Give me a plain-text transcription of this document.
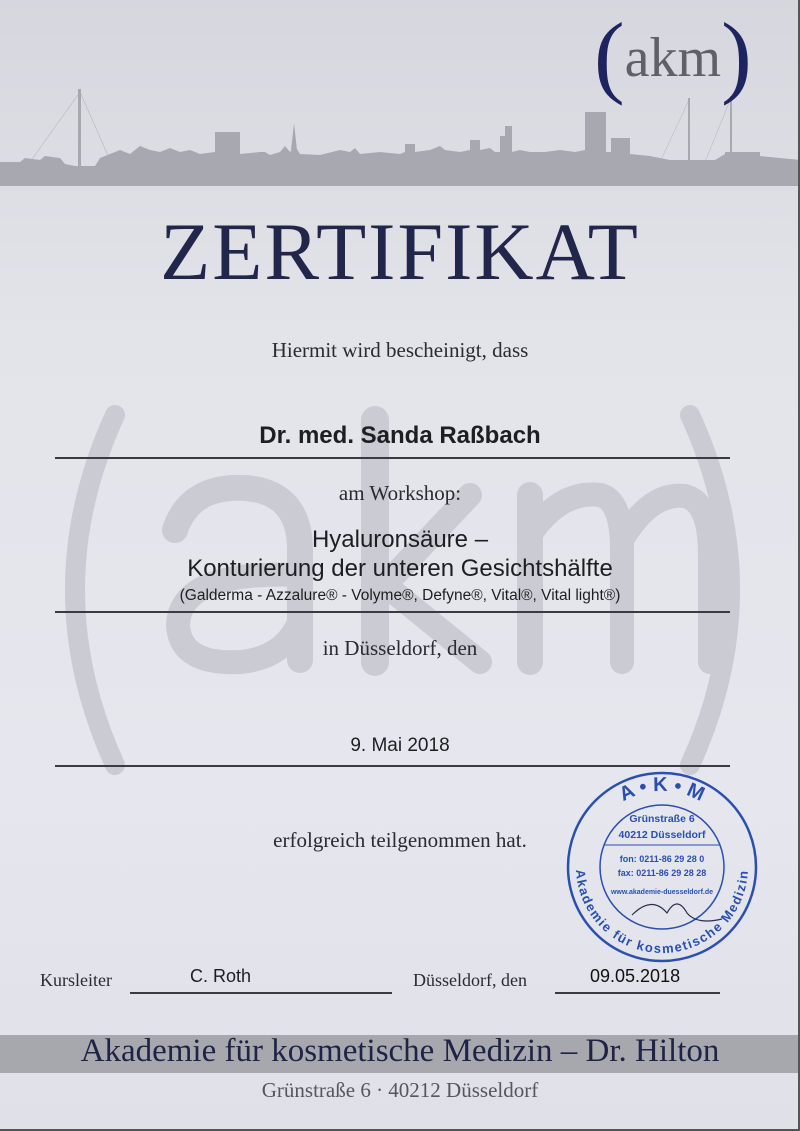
(akm)
ZERTIFIKAT
Hiermit wird bescheinigt, dass
Dr. med. Sanda Raßbach
am Workshop:
Hyaluronsäure –
Konturierung der unteren Gesichtshälfte
(Galderma - Azzalure® - Volyme®, Defyne®, Vital®, Vital light®)
in Düsseldorf, den
9. Mai 2018
erfolgreich teilgenommen hat.
A • K • M
Akademie für kosmetische Medizin
Grünstraße 6
40212 Düsseldorf
fon: 0211-86 29 28 0
fax: 0211-86 29 28 28
www.akademie-duesseldorf.de
Kursleiter	C. Roth	Düsseldorf, den	09.05.2018
Akademie für kosmetische Medizin – Dr. Hilton
Grünstraße 6 · 40212 Düsseldorf
